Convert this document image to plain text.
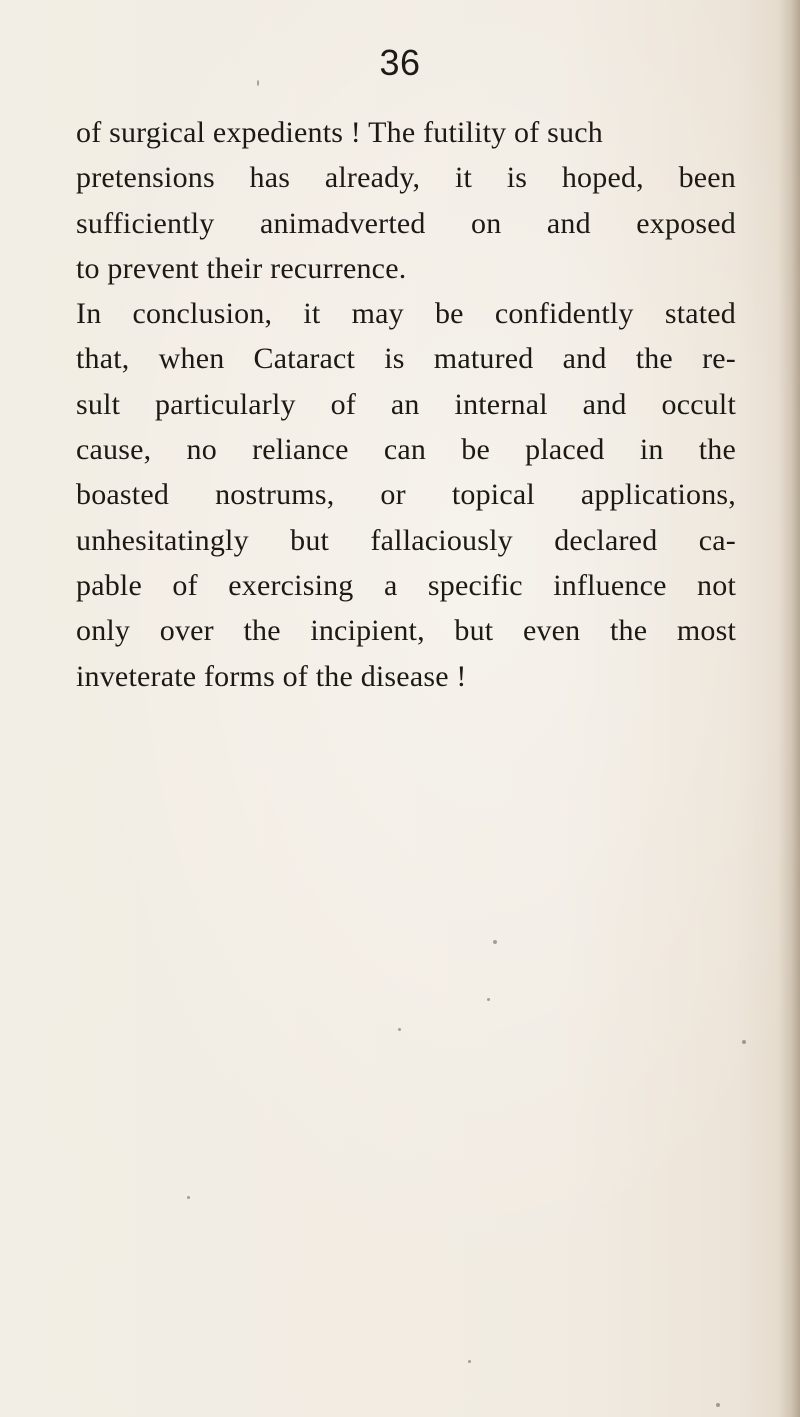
36
of surgical expedients ! The futility of such
pretensions has already, it is hoped, been
sufficiently animadverted on and exposed
to prevent their recurrence.
In conclusion, it may be confidently stated
that, when Cataract is matured and the re-
sult particularly of an internal and occult
cause, no reliance can be placed in the
boasted nostrums, or topical applications,
unhesitatingly but fallaciously declared ca-
pable of exercising a specific influence not
only over the incipient, but even the most
inveterate forms of the disease !
